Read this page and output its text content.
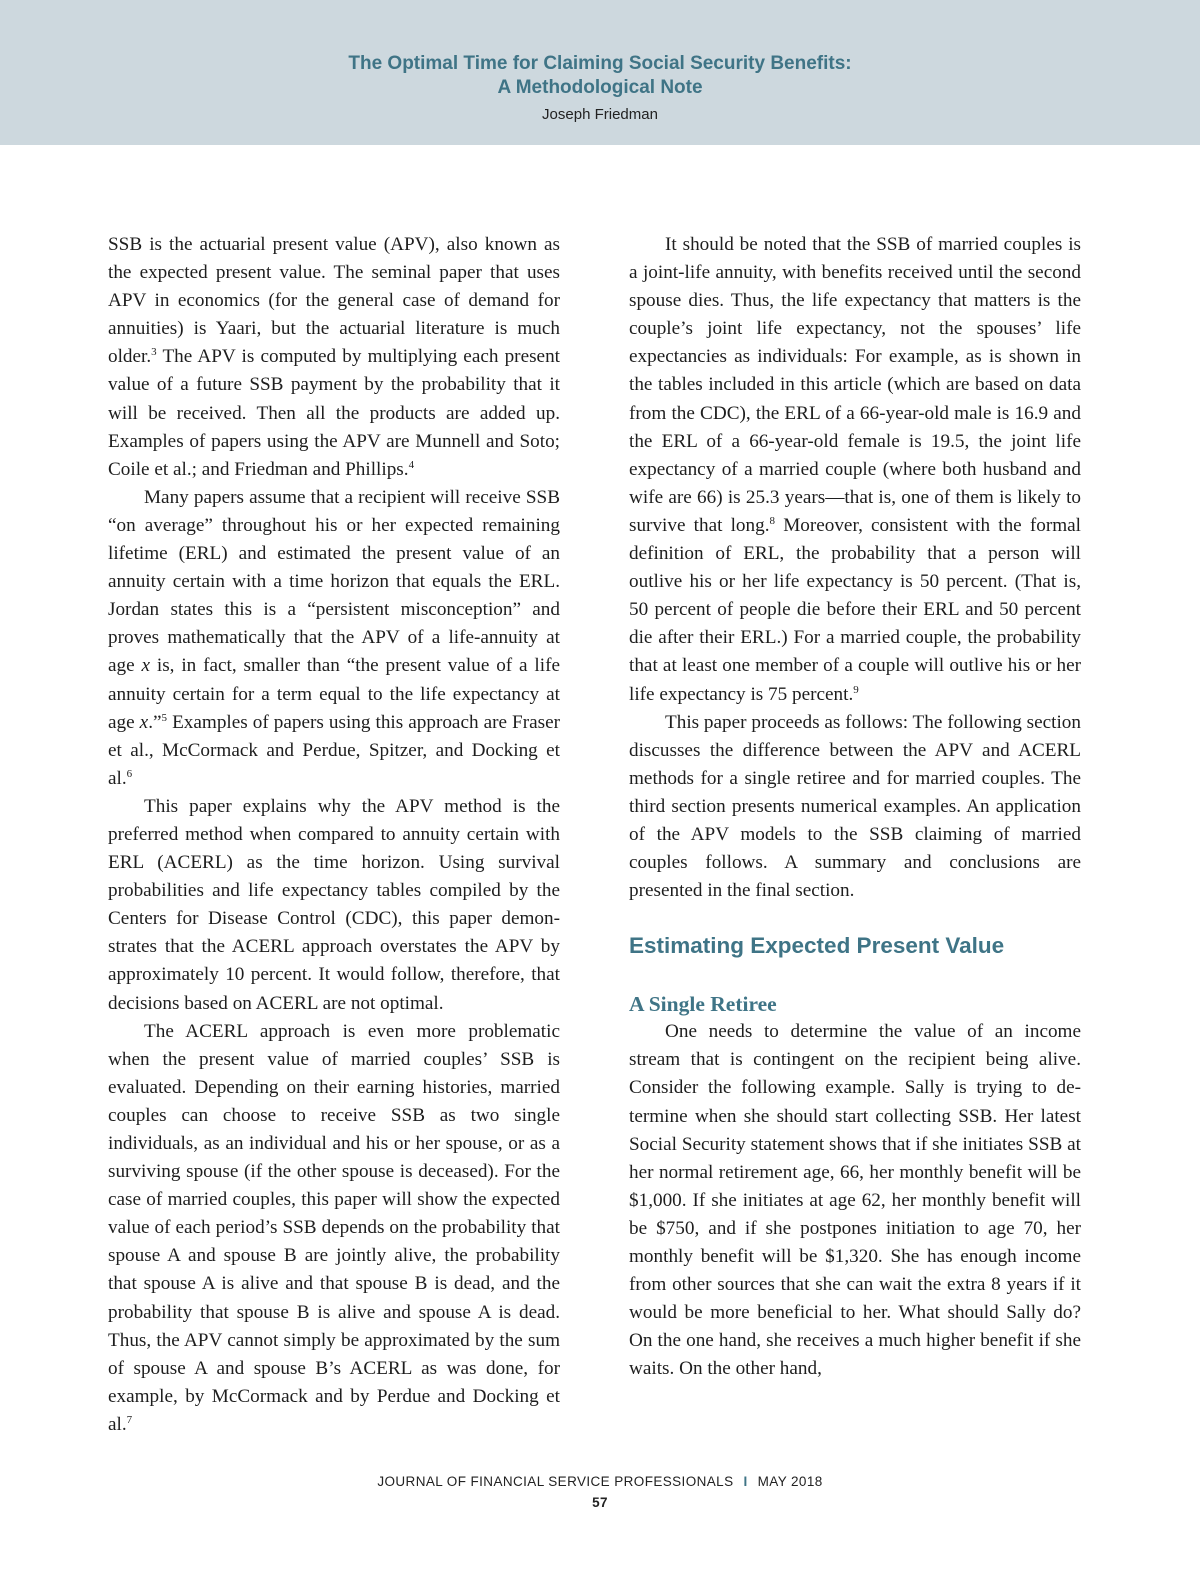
The Optimal Time for Claiming Social Security Benefits:
A Methodological Note
Joseph Friedman

SSB is the actuarial present value (APV), also known as the expected present value. The seminal paper that uses APV in economics (for the general case of demand for annuities) is Yaari, but the actuarial literature is much older.$^3$ The APV is computed by multiplying each present value of a future SSB payment by the probability that it will be received. Then all the products are added up. Examples of papers using the APV are Munnell and Soto; Coile et al.; and Friedman and Phillips.$^4$

Many papers assume that a recipient will receive SSB “on average” throughout his or her expected remaining lifetime (ERL) and estimated the present value of an annuity certain with a time horizon that equals the ERL. Jordan states this is a “persistent misconception” and proves mathematically that the APV of a life-annuity at age x is, in fact, smaller than “the present value of a life annuity certain for a term equal to the life expectancy at age x.”$^5$ Examples of papers using this approach are Fraser et al., McCormack and Perdue, Spitzer, and Docking et al.$^6$

This paper explains why the APV method is the preferred method when compared to annuity certain with ERL (ACERL) as the time horizon. Using survival probabilities and life expectancy tables compiled by the Centers for Disease Control (CDC), this paper demonstrates that the ACERL approach overstates the APV by approximately 10 percent. It would follow, therefore, that decisions based on ACERL are not optimal.

The ACERL approach is even more problematic when the present value of married couples’ SSB is evaluated. Depending on their earning histories, married couples can choose to receive SSB as two single individuals, as an individual and his or her spouse, or as a surviving spouse (if the other spouse is deceased). For the case of married couples, this paper will show the expected value of each period’s SSB depends on the probability that spouse A and spouse B are jointly alive, the probability that spouse A is alive and that spouse B is dead, and the probability that spouse B is alive and spouse A is dead. Thus, the APV cannot simply be approximated by the sum of spouse A and spouse B’s ACERL as was done, for example, by McCormack and by Perdue and Docking et al.$^7$

It should be noted that the SSB of married couples is a joint-life annuity, with benefits received until the second spouse dies. Thus, the life expectancy that matters is the couple’s joint life expectancy, not the spouses’ life expectancies as individuals: For example, as is shown in the tables included in this article (which are based on data from the CDC), the ERL of a 66-year-old male is 16.9 and the ERL of a 66-year-old female is 19.5, the joint life expectancy of a married couple (where both husband and wife are 66) is 25.3 years—that is, one of them is likely to survive that long.$^8$ Moreover, consistent with the formal definition of ERL, the probability that a person will outlive his or her life expectancy is 50 percent. (That is, 50 percent of people die before their ERL and 50 percent die after their ERL.) For a married couple, the probability that at least one member of a couple will outlive his or her life expectancy is 75 percent.$^9$

This paper proceeds as follows: The following section discusses the difference between the APV and ACERL methods for a single retiree and for married couples. The third section presents numerical examples. An application of the APV models to the SSB claiming of married couples follows. A summary and conclusions are presented in the final section.

Estimating Expected Present Value
A Single Retiree

One needs to determine the value of an income stream that is contingent on the recipient being alive. Consider the following example. Sally is trying to determine when she should start collecting SSB. Her latest Social Security statement shows that if she initiates SSB at her normal retirement age, 66, her monthly benefit will be $1,000. If she initiates at age 62, her monthly benefit will be $750, and if she postpones initiation to age 70, her monthly benefit will be $1,320. She has enough income from other sources that she can wait the extra 8 years if it would be more beneficial to her. What should Sally do? On the one hand, she receives a much higher benefit if she waits. On the other hand,

JOURNAL OF FINANCIAL SERVICE PROFESSIONALS I MAY 2018
57
